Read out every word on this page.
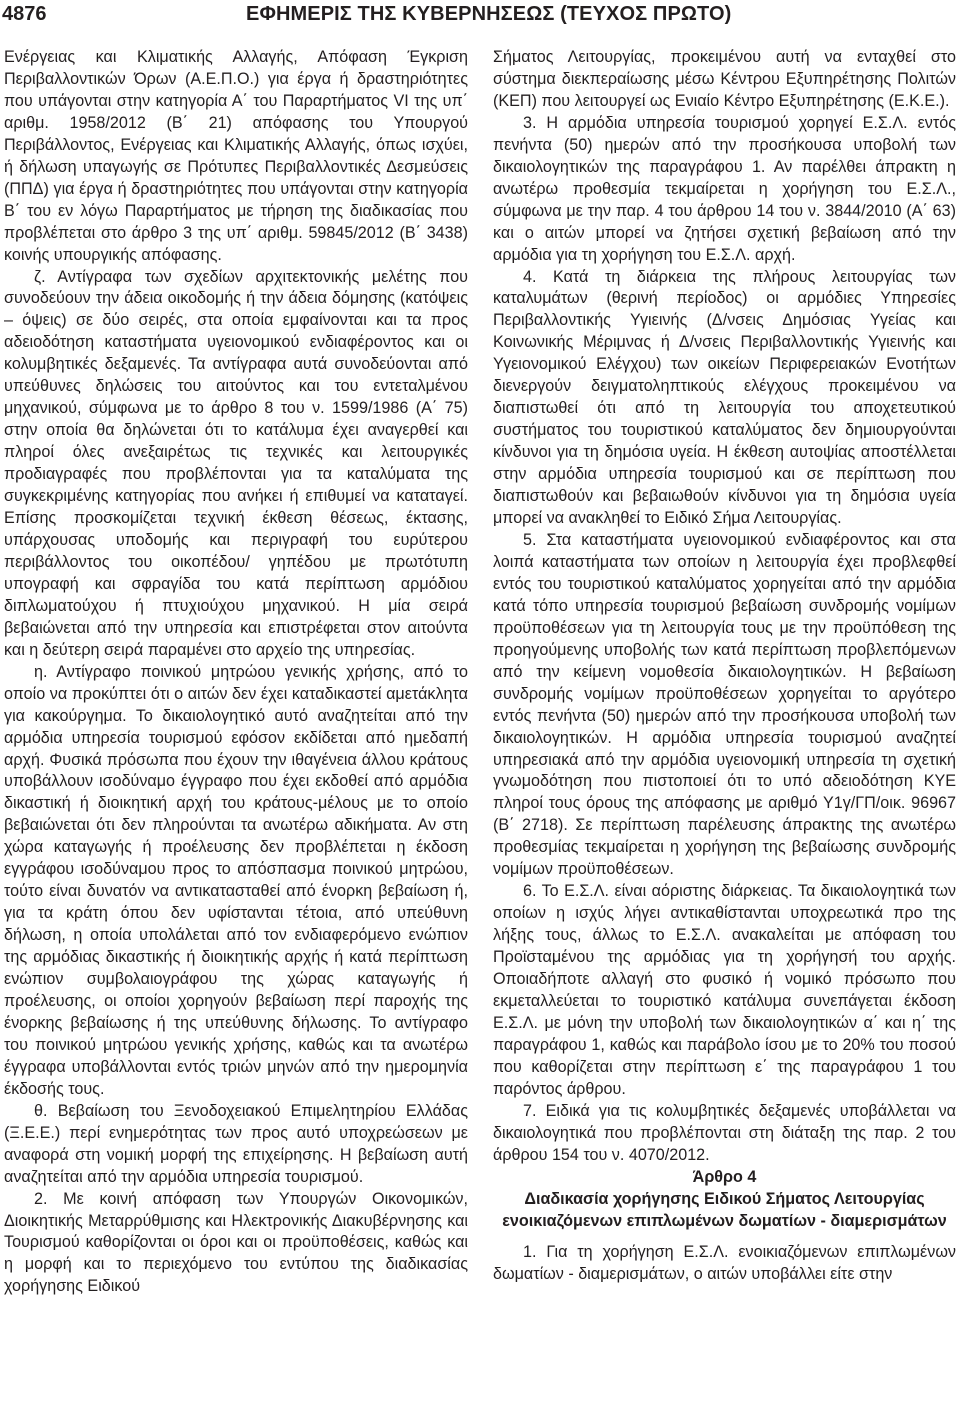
4876	ΕΦΗΜΕΡΙΣ ΤΗΣ ΚΥΒΕΡΝΗΣΕΩΣ (ΤΕΥΧΟΣ ΠΡΩΤΟ)

Ενέργειας και Κλιματικής Αλλαγής, Απόφαση Έγκριση Περιβαλλοντικών Όρων (Α.Ε.Π.Ο.) για έργα ή δραστηριότητες που υπάγονται στην κατηγορία Α΄ του Παραρτήματος VI της υπ΄ αριθμ. 1958/2012 (Β΄ 21) απόφασης του Υπουργού Περιβάλλοντος, Ενέργειας και Κλιματικής Αλλαγής, όπως ισχύει, ή δήλωση υπαγωγής σε Πρότυπες Περιβαλλοντικές Δεσμεύσεις (ΠΠΔ) για έργα ή δραστηριότητες που υπάγονται στην κατηγορία Β΄ του εν λόγω Παραρτήματος με τήρηση της διαδικασίας που προβλέπεται στο άρθρο 3 της υπ΄ αριθμ. 59845/2012 (Β΄ 3438) κοινής υπουργικής απόφασης.

ζ. Αντίγραφα των σχεδίων αρχιτεκτονικής μελέτης που συνοδεύουν την άδεια οικοδομής ή την άδεια δόμησης (κατόψεις – όψεις) σε δύο σειρές, στα οποία εμφαίνονται και τα προς αδειοδότηση καταστήματα υγειονομικού ενδιαφέροντος και οι κολυμβητικές δεξαμενές. Τα αντίγραφα αυτά συνοδεύονται από υπεύθυνες δηλώσεις του αιτούντος και του εντεταλμένου μηχανικού, σύμφωνα με το άρθρο 8 του ν. 1599/1986 (Α΄ 75) στην οποία θα δηλώνεται ότι το κατάλυμα έχει αναγερθεί και πληροί όλες ανεξαιρέτως τις τεχνικές και λειτουργικές προδιαγραφές που προβλέπονται για τα καταλύματα της συγκεκριμένης κατηγορίας που ανήκει ή επιθυμεί να καταταγεί. Επίσης προσκομίζεται τεχνική έκθεση θέσεως, έκτασης, υπάρχουσας υποδομής και περιγραφή του ευρύτερου περιβάλλοντος του οικοπέδου/ γηπέδου με πρωτότυπη υπογραφή και σφραγίδα του κατά περίπτωση αρμόδιου διπλωματούχου ή πτυχιούχου μηχανικού. Η μία σειρά βεβαιώνεται από την υπηρεσία και επιστρέφεται στον αιτούντα και η δεύτερη σειρά παραμένει στο αρχείο της υπηρεσίας.

η. Αντίγραφο ποινικού μητρώου γενικής χρήσης, από το οποίο να προκύπτει ότι ο αιτών δεν έχει καταδικαστεί αμετάκλητα για κακούργημα. Το δικαιολογητικό αυτό αναζητείται από την αρμόδια υπηρεσία τουρισμού εφόσον εκδίδεται από ημεδαπή αρχή. Φυσικά πρόσωπα που έχουν την ιθαγένεια άλλου κράτους υποβάλλουν ισοδύναμο έγγραφο που έχει εκδοθεί από αρμόδια δικαστική ή διοικητική αρχή του κράτους-μέλους με το οποίο βεβαιώνεται ότι δεν πληρούνται τα ανωτέρω αδικήματα. Αν στη χώρα καταγωγής ή προέλευσης δεν προβλέπεται η έκδοση εγγράφου ισοδύναμου προς το απόσπασμα ποινικού μητρώου, τούτο είναι δυνατόν να αντικατασταθεί από ένορκη βεβαίωση ή, για τα κράτη όπου δεν υφίστανται τέτοια, από υπεύθυνη δήλωση, η οποία υπολάλεται από τον ενδιαφερόμενο ενώπιον της αρμόδιας δικαστικής ή διοικητικής αρχής ή κατά περίπτωση ενώπιον συμβολαιογράφου της χώρας καταγωγής ή προέλευσης, οι οποίοι χορηγούν βεβαίωση περί παροχής της ένορκης βεβαίωσης ή της υπεύθυνης δήλωσης. Το αντίγραφο του ποινικού μητρώου γενικής χρήσης, καθώς και τα ανωτέρω έγγραφα υποβάλλονται εντός τριών μηνών από την ημερομηνία έκδοσής τους.

θ. Βεβαίωση του Ξενοδοχειακού Επιμελητηρίου Ελλάδας (Ξ.Ε.Ε.) περί ενημερότητας των προς αυτό υποχρεώσεων με αναφορά στη νομική μορφή της επιχείρησης. Η βεβαίωση αυτή αναζητείται από την αρμόδια υπηρεσία τουρισμού.

2. Με κοινή απόφαση των Υπουργών Οικονομικών, Διοικητικής Μεταρρύθμισης και Ηλεκτρονικής Διακυβέρνησης και Τουρισμού καθορίζονται οι όροι και οι προϋποθέσεις, καθώς και η μορφή και το περιεχόμενο του εντύπου της διαδικασίας χορήγησης Ειδικού

Σήματος Λειτουργίας, προκειμένου αυτή να ενταχθεί στο σύστημα διεκπεραίωσης μέσω Κέντρου Εξυπηρέτησης Πολιτών (ΚΕΠ) που λειτουργεί ως Ενιαίο Κέντρο Εξυπηρέτησης (Ε.Κ.Ε.).

3. Η αρμόδια υπηρεσία τουρισμού χορηγεί Ε.Σ.Λ. εντός πενήντα (50) ημερών από την προσήκουσα υποβολή των δικαιολογητικών της παραγράφου 1. Αν παρέλθει άπρακτη η ανωτέρω προθεσμία τεκμαίρεται η χορήγηση του Ε.Σ.Λ., σύμφωνα με την παρ. 4 του άρθρου 14 του ν. 3844/2010 (Α΄ 63) και ο αιτών μπορεί να ζητήσει σχετική βεβαίωση από την αρμόδια για τη χορήγηση του Ε.Σ.Λ. αρχή.

4. Κατά τη διάρκεια της πλήρους λειτουργίας των καταλυμάτων (θερινή περίοδος) οι αρμόδιες Υπηρεσίες Περιβαλλοντικής Υγιεινής (Δ/νσεις Δημόσιας Υγείας και Κοινωνικής Μέριμνας ή Δ/νσεις Περιβαλλοντικής Υγιεινής και Υγειονομικού Ελέγχου) των οικείων Περιφερειακών Ενοτήτων διενεργούν δειγματοληπτικούς ελέγχους προκειμένου να διαπιστωθεί ότι από τη λειτουργία του αποχετευτικού συστήματος του τουριστικού καταλύματος δεν δημιουργούνται κίνδυνοι για τη δημόσια υγεία. Η έκθεση αυτοψίας αποστέλλεται στην αρμόδια υπηρεσία τουρισμού και σε περίπτωση που διαπιστωθούν και βεβαιωθούν κίνδυνοι για τη δημόσια υγεία μπορεί να ανακληθεί το Ειδικό Σήμα Λειτουργίας.

5. Στα καταστήματα υγειονομικού ενδιαφέροντος και στα λοιπά καταστήματα των οποίων η λειτουργία έχει προβλεφθεί εντός του τουριστικού καταλύματος χορηγείται από την αρμόδια κατά τόπο υπηρεσία τουρισμού βεβαίωση συνδρομής νομίμων προϋποθέσεων για τη λειτουργία τους με την προϋπόθεση της προηγούμενης υποβολής των κατά περίπτωση προβλεπόμενων από την κείμενη νομοθεσία δικαιολογητικών. Η βεβαίωση συνδρομής νομίμων προϋποθέσεων χορηγείται το αργότερο εντός πενήντα (50) ημερών από την προσήκουσα υποβολή των δικαιολογητικών. Η αρμόδια υπηρεσία τουρισμού αναζητεί υπηρεσιακά από την αρμόδια υγειονομική υπηρεσία τη σχετική γνωμοδότηση που πιστοποιεί ότι το υπό αδειοδότηση ΚΥΕ πληροί τους όρους της απόφασης με αριθμό Υ1γ/ΓΠ/οικ. 96967 (Β΄ 2718). Σε περίπτωση παρέλευσης άπρακτης της ανωτέρω προθεσμίας τεκμαίρεται η χορήγηση της βεβαίωσης συνδρομής νομίμων προϋποθέσεων.

6. Το Ε.Σ.Λ. είναι αόριστης διάρκειας. Τα δικαιολογητικά των οποίων η ισχύς λήγει αντικαθίστανται υποχρεωτικά προ της λήξης τους, άλλως το Ε.Σ.Λ. ανακαλείται με απόφαση του Προϊσταμένου της αρμόδιας για τη χορήγησή του αρχής. Οποιαδήποτε αλλαγή στο φυσικό ή νομικό πρόσωπο που εκμεταλλεύεται το τουριστικό κατάλυμα συνεπάγεται έκδοση Ε.Σ.Λ. με μόνη την υποβολή των δικαιολογητικών α΄ και η΄ της παραγράφου 1, καθώς και παράβολο ίσου με το 20% του ποσού που καθορίζεται στην περίπτωση ε΄ της παραγράφου 1 του παρόντος άρθρου.

7. Ειδικά για τις κολυμβητικές δεξαμενές υποβάλλεται να δικαιολογητικά που προβλέπονται στη διάταξη της παρ. 2 του άρθρου 154 του ν. 4070/2012.

Άρθρο 4

Διαδικασία χορήγησης Ειδικού Σήματος Λειτουργίας ενοικιαζόμενων επιπλωμένων δωματίων - διαμερισμάτων

1. Για τη χορήγηση Ε.Σ.Λ. ενοικιαζόμενων επιπλωμένων δωματίων - διαμερισμάτων, ο αιτών υποβάλλει είτε στην
